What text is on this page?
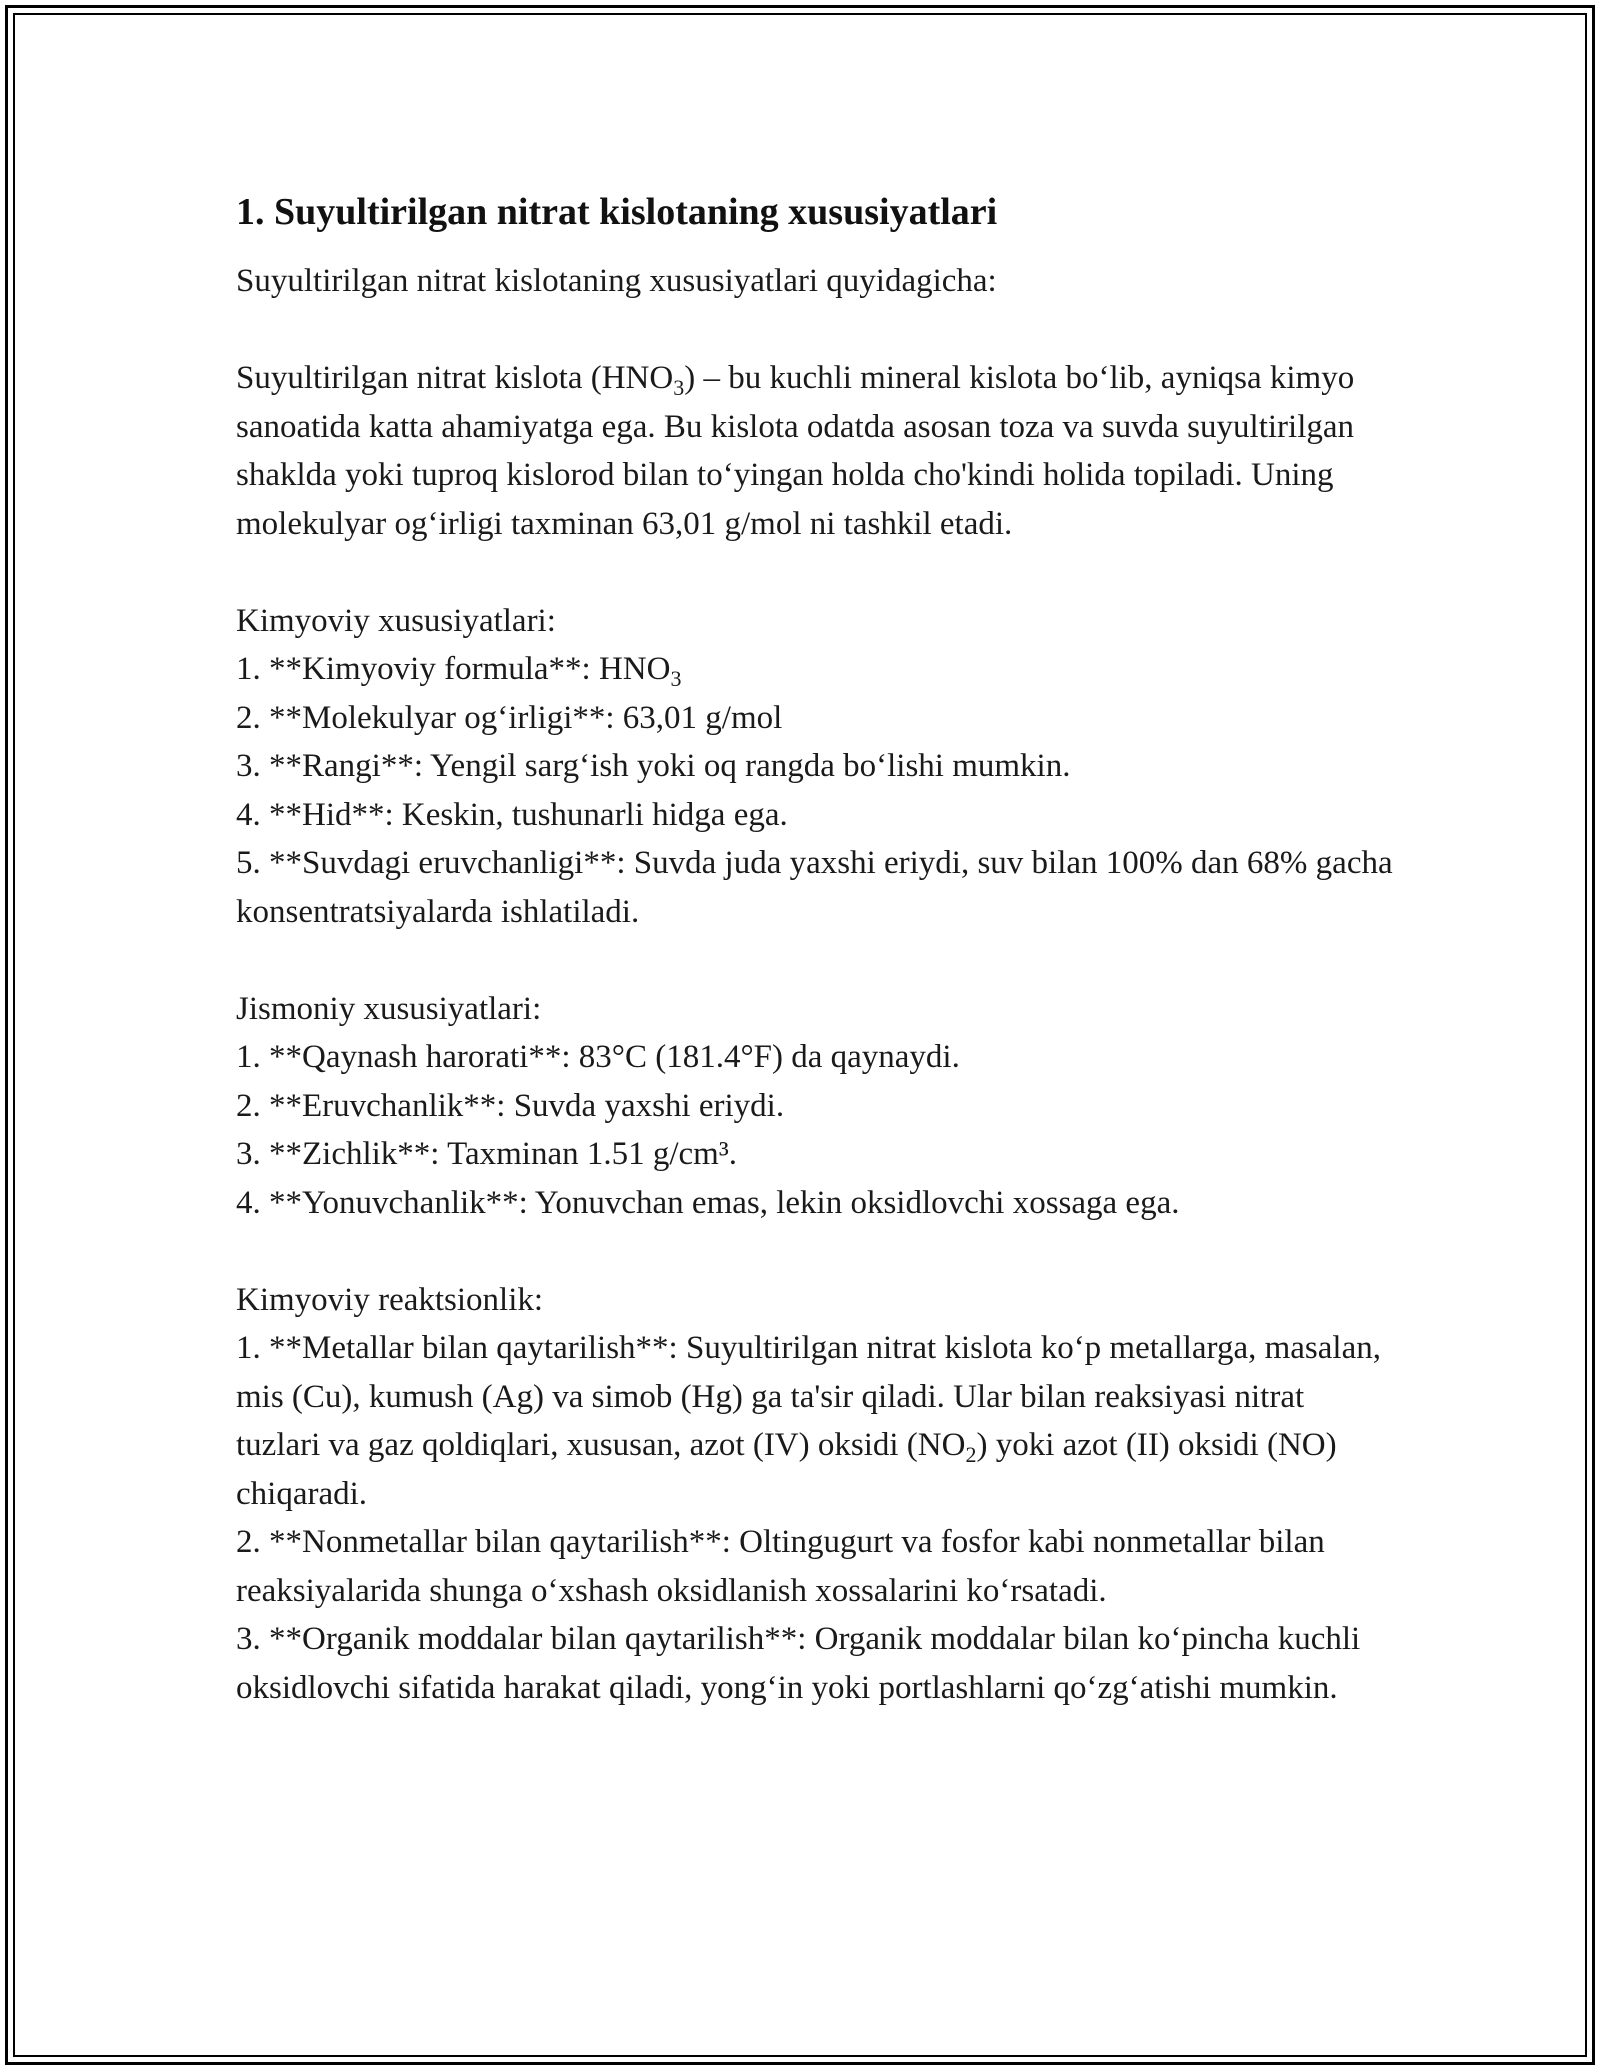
1. Suyultirilgan nitrat kislotaning xususiyatlari

Suyultirilgan nitrat kislotaning xususiyatlari quyidagicha:

Suyultirilgan nitrat kislota $(HNO_3)$ – bu kuchli mineral kislota bo‘lib, ayniqsa kimyo sanoatida katta ahamiyatga ega. Bu kislota odatda asosan toza va suvda suyultirilgan shaklda yoki tuproq kislorod bilan to‘yingan holda cho'kindi holida topiladi. Uning molekulyar og‘irligi taxminan 63,01 g/mol ni tashkil etadi.

Kimyoviy xususiyatlari:

1. **Kimyoviy formula**: $HNO_3$

2. **Molekulyar og‘irligi**: 63,01 g/mol

3. **Rangi**: Yengil sarg‘ish yoki oq rangda bo‘lishi mumkin.

4. **Hid**: Keskin, tushunarli hidga ega.

5. **Suvdagi eruvchanligi**: Suvda juda yaxshi eriydi, suv bilan 100% dan 68% gacha konsentratsiyalarda ishlatiladi.

Jismoniy xususiyatlari:

1. **Qaynash harorati**: 83°C (181.4°F) da qaynaydi.

2. **Eruvchanlik**: Suvda yaxshi eriydi.

3. **Zichlik**: Taxminan 1.51 g/cm³.

4. **Yonuvchanlik**: Yonuvchan emas, lekin oksidlovchi xossaga ega.

Kimyoviy reaktsionlik:

1. **Metallar bilan qaytarilish**: Suyultirilgan nitrat kislota ko‘p metallarga, masalan, mis (Cu), kumush (Ag) va simob (Hg) ga ta'sir qiladi. Ular bilan reaksiyasi nitrat tuzlari va gaz qoldiqlari, xususan, azot (IV) oksidi $(NO_2)$ yoki azot (II) oksidi (NO) chiqaradi.

2. **Nonmetallar bilan qaytarilish**: Oltingugurt va fosfor kabi nonmetallar bilan reaksiyalarida shunga o‘xshash oksidlanish xossalarini ko‘rsatadi.

3. **Organik moddalar bilan qaytarilish**: Organik moddalar bilan ko‘pincha kuchli oksidlovchi sifatida harakat qiladi, yong‘in yoki portlashlarni qo‘zg‘atishi mumkin.
